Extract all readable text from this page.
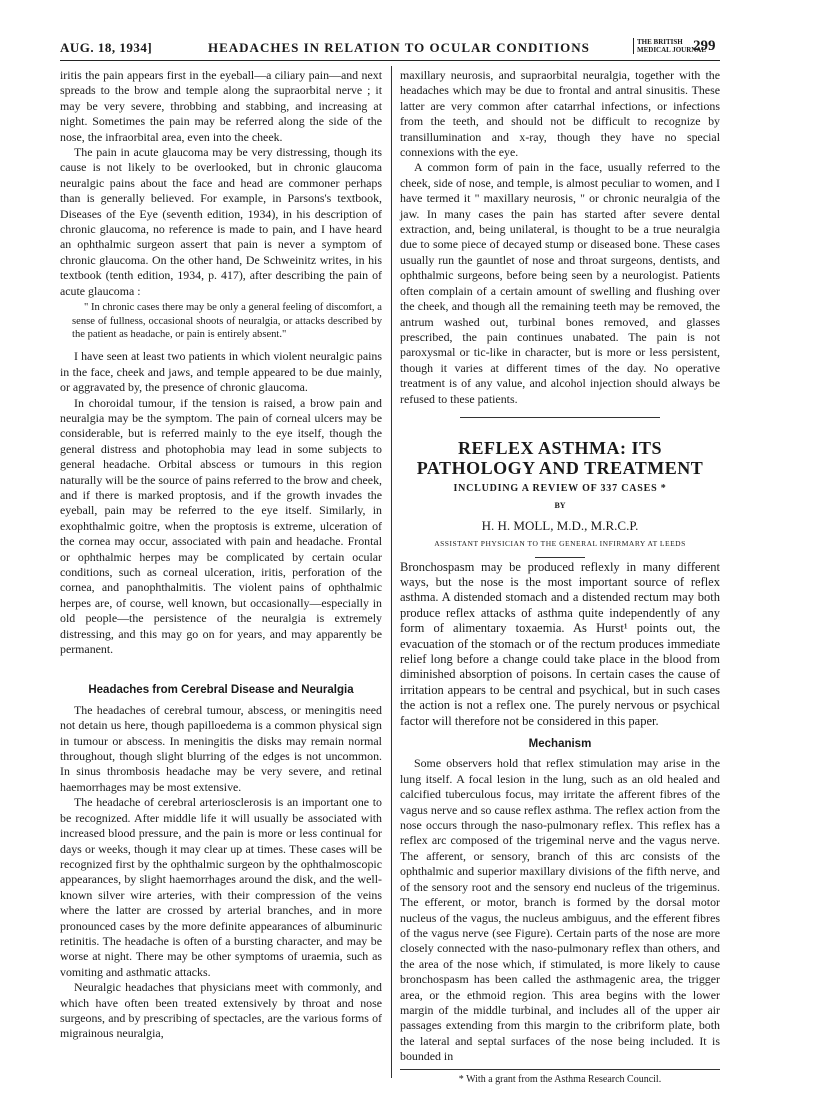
AUG. 18, 1934]	HEADACHES IN RELATION TO OCULAR CONDITIONS	THE BRITISH
MEDICAL JOURNAL
299

iritis the pain appears first in the eyeball—a ciliary pain—and next spreads to the brow and temple along the supraorbital nerve ; it may be very severe, throbbing and stabbing, and increasing at night. Sometimes the pain may be referred along the side of the nose, the infraorbital area, even into the cheek.

The pain in acute glaucoma may be very distressing, though its cause is not likely to be overlooked, but in chronic glaucoma neuralgic pains about the face and head are commoner perhaps than is generally believed. For example, in Parsons's textbook, Diseases of the Eye (seventh edition, 1934), in his description of chronic glaucoma, no reference is made to pain, and I have heard an ophthalmic surgeon assert that pain is never a symptom of chronic glaucoma. On the other hand, De Schweinitz writes, in his textbook (tenth edition, 1934, p. 417), after describing the pain of acute glaucoma :

" In chronic cases there may be only a general feeling of discomfort, a sense of fullness, occasional shoots of neuralgia, or attacks described by the patient as headache, or pain is entirely absent."

I have seen at least two patients in which violent neuralgic pains in the face, cheek and jaws, and temple appeared to be due mainly, or aggravated by, the presence of chronic glaucoma.

In choroidal tumour, if the tension is raised, a brow pain and neuralgia may be the symptom. The pain of corneal ulcers may be considerable, but is referred mainly to the eye itself, though the general distress and photophobia may lead in some subjects to general headache. Orbital abscess or tumours in this region naturally will be the source of pains referred to the brow and cheek, and if there is marked proptosis, and if the growth invades the eyeball, pain may be referred to the eye itself. Similarly, in exophthalmic goitre, when the proptosis is extreme, ulceration of the cornea may occur, associated with pain and headache. Frontal or ophthalmic herpes may be complicated by certain ocular conditions, such as corneal ulceration, iritis, perforation of the cornea, and panophthalmitis. The violent pains of ophthalmic herpes are, of course, well known, but occasionally—especially in old people—the persistence of the neuralgia is extremely distressing, and this may go on for years, and may apparently be permanent.

Headaches from Cerebral Disease and Neuralgia

The headaches of cerebral tumour, abscess, or meningitis need not detain us here, though papilloedema is a common physical sign in tumour or abscess. In meningitis the disks may remain normal throughout, though slight blurring of the edges is not uncommon. In sinus thrombosis headache may be very severe, and retinal haemorrhages may be most extensive.

The headache of cerebral arteriosclerosis is an important one to be recognized. After middle life it will usually be associated with increased blood pressure, and the pain is more or less continual for days or weeks, though it may clear up at times. These cases will be recognized first by the ophthalmic surgeon by the ophthalmoscopic appearances, by slight haemorrhages around the disk, and the well-known silver wire arteries, with their compression of the veins where the latter are crossed by arterial branches, and in more pronounced cases by the more definite appearances of albuminuric retinitis. The headache is often of a bursting character, and may be worse at night. There may be other symptoms of uraemia, such as vomiting and asthmatic attacks.

Neuralgic headaches that physicians meet with commonly, and which have often been treated extensively by throat and nose surgeons, and by prescribing of spectacles, are the various forms of migrainous neuralgia,

maxillary neurosis, and supraorbital neuralgia, together with the headaches which may be due to frontal and antral sinusitis. These latter are very common after catarrhal infections, or infections from the teeth, and should not be difficult to recognize by transillumination and x-ray, though they have no special connexions with the eye.

A common form of pain in the face, usually referred to the cheek, side of nose, and temple, is almost peculiar to women, and I have termed it " maxillary neurosis, " or chronic neuralgia of the jaw. In many cases the pain has started after severe dental extraction, and, being unilateral, is thought to be a true neuralgia due to some piece of decayed stump or diseased bone. These cases usually run the gauntlet of nose and throat surgeons, dentists, and ophthalmic surgeons, before being seen by a neurologist. Patients often complain of a certain amount of swelling and flushing over the cheek, and though all the remaining teeth may be removed, the antrum washed out, turbinal bones removed, and glasses prescribed, the pain continues unabated. The pain is not paroxysmal or tic-like in character, but is more or less persistent, though it varies at different times of the day. No operative treatment is of any value, and alcohol injection should always be refused to these patients.

REFLEX ASTHMA: ITS PATHOLOGY AND TREATMENT
INCLUDING A REVIEW OF 337 CASES *
BY
H. H. MOLL, M.D., M.R.C.P.
ASSISTANT PHYSICIAN TO THE GENERAL INFIRMARY AT LEEDS

Bronchospasm may be produced reflexly in many different ways, but the nose is the most important source of reflex asthma. A distended stomach and a distended rectum may both produce reflex attacks of asthma quite independently of any form of alimentary toxaemia. As Hurst¹ points out, the evacuation of the stomach or of the rectum produces immediate relief long before a change could take place in the blood from diminished absorption of poisons. In certain cases the cause of irritation appears to be central and psychical, but in such cases the action is not a reflex one. The purely nervous or psychical factor will therefore not be considered in this paper.

Mechanism

Some observers hold that reflex stimulation may arise in the lung itself. A focal lesion in the lung, such as an old healed and calcified tuberculous focus, may irritate the afferent fibres of the vagus nerve and so cause reflex asthma. The reflex action from the nose occurs through the naso-pulmonary reflex. This reflex has a reflex arc composed of the trigeminal nerve and the vagus nerve. The afferent, or sensory, branch of this arc consists of the ophthalmic and superior maxillary divisions of the fifth nerve, and of the sensory root and the sensory end nucleus of the trigeminus. The efferent, or motor, branch is formed by the dorsal motor nucleus of the vagus, the nucleus ambiguus, and the efferent fibres of the vagus nerve (see Figure). Certain parts of the nose are more closely connected with the naso-pulmonary reflex than others, and the area of the nose which, if stimulated, is more likely to cause bronchospasm has been called the asthmagenic area, the trigger area, or the ethmoid region. This area begins with the lower margin of the middle turbinal, and includes all of the upper air passages extending from this margin to the cribriform plate, both the lateral and septal surfaces of the nose being included. It is bounded in

* With a grant from the Asthma Research Council.
